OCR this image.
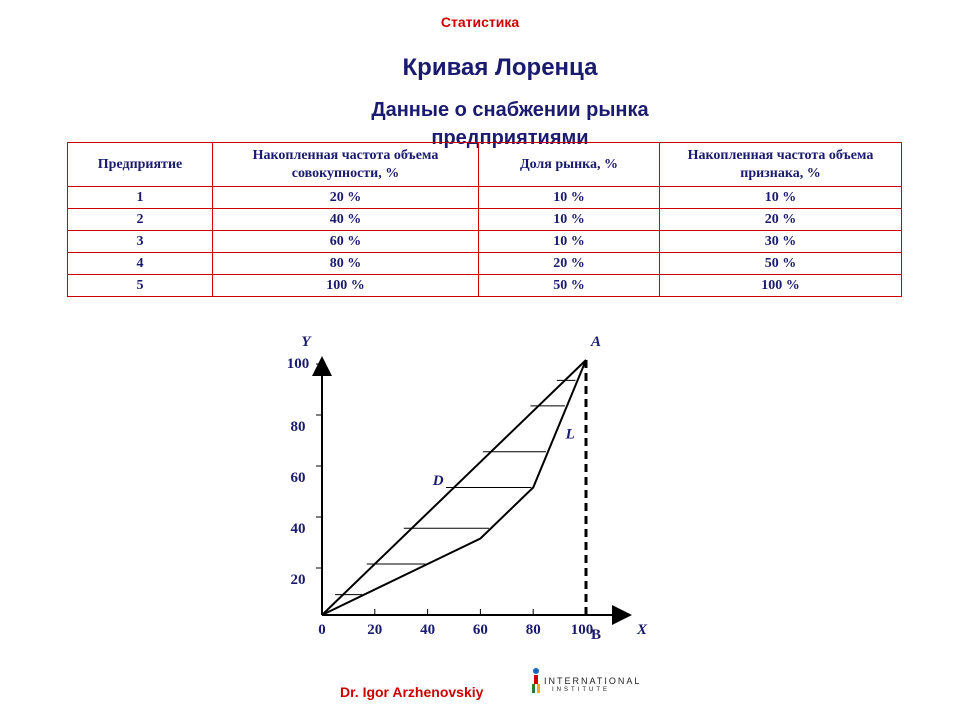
Статистика
Кривая Лоренца
Данные о снабжении рынка предприятиями
Предприятие	Накопленная частота объема совокупности, %	Доля рынка, %	Накопленная частота объема признака, %
1	20 %	10 %	10 %
2	40 %	10 %	20 %
3	60 %	10 %	30 %
4	80 %	20 %	50 %
5	100 %	50 %	100 %
0	20	40	60	80 100
20
40
60
80
100
Y
X
A
B
D
L
Dr. Igor Arzhenovskiy
INTERNATIONAL
INSTITUTE
